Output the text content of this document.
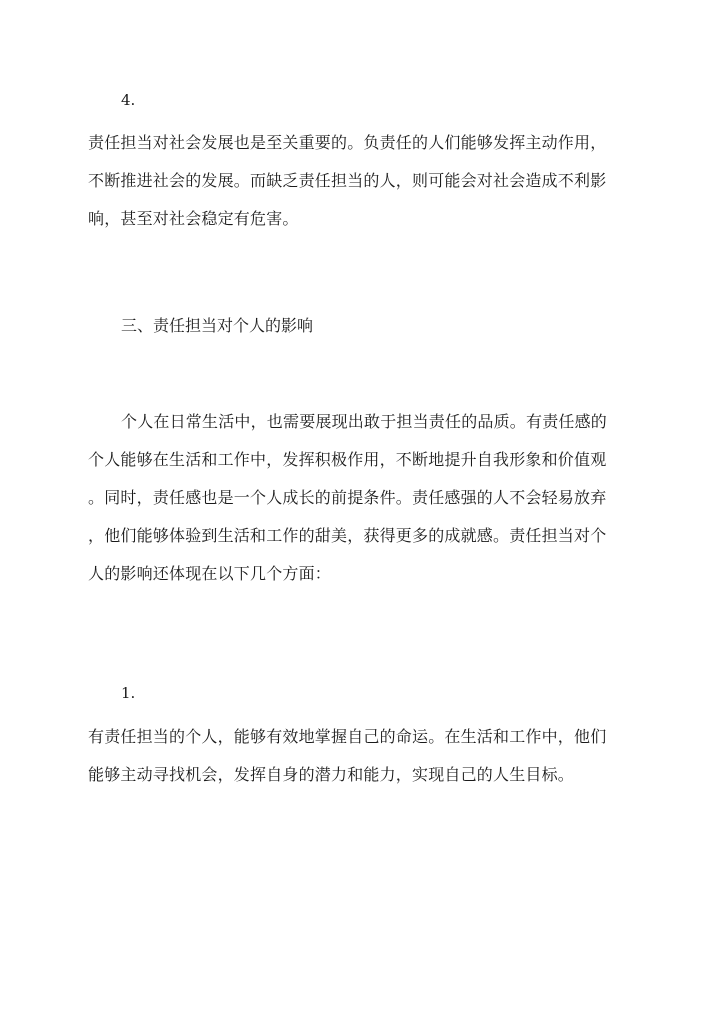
4.
责任担当对社会发展也是至关重要的。负责任的人们能够发挥主动作用，
不断推进社会的发展。而缺乏责任担当的人，则可能会对社会造成不利影
响，甚至对社会稳定有危害。
三、责任担当对个人的影响
个人在日常生活中，也需要展现出敢于担当责任的品质。有责任感的
个人能够在生活和工作中，发挥积极作用，不断地提升自我形象和价值观
。同时，责任感也是一个人成长的前提条件。责任感强的人不会轻易放弃
，他们能够体验到生活和工作的甜美，获得更多的成就感。责任担当对个
人的影响还体现在以下几个方面：
1.
有责任担当的个人，能够有效地掌握自己的命运。在生活和工作中，他们
能够主动寻找机会，发挥自身的潜力和能力，实现自己的人生目标。
